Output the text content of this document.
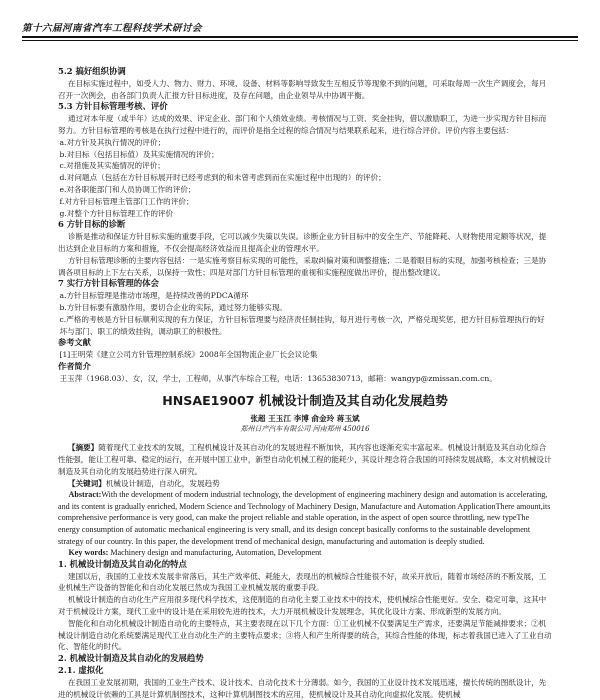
第十六届河南省汽车工程科技学术研讨会

5.2 搞好组织协调

在目标实施过程中，如受人力、物力、财力、环境、设备、材料等影响导致发生互相反节等现象不到的问题，可采取每周一次生产调度会，每月召开一次例会，由各部门负责人汇报方针目标进度，及存在问题，由企业领导从中协调平衡。

5.3 方针目标管理考核、评价

通过对本年度（或半年）达成的效果、评定企业、部门和个人绩效业绩。考核情况与工资、奖金挂钩，借以激励职工，为进一步实现方针目标而努力。方针目标管理的考核是在执行过程中进行的，而评价是指全过程的综合情况与结果联系起来，进行综合评价。评价内容主要包括：

a.对方针及其执行情况的评价；

b.对目标（包括目标值）及其实施情况的评价；

c.对措施及其实施情况的评价；

d.对问题点（包括在方针目标展开时已经考虑到的和未曾考虑到而在实施过程中出现的）的评价；

e.对各职能部门和人员协调工作的评价；

f.对方针目标管理主管部门工作的评价；

g.对整个方针目标管理工作的评价

6 方针目标的诊断

诊断是推动和保证方针目标实施的重要手段，它可以减少失策以失误。诊断企业方针目标中的安全生产、节能降耗、人财物使用定额等状况，提出达到企业目标的方案和措施，不仅会提高经济效益而且提高企业的管理水平。

方针目标管理诊断的主要内容包括：一是实施考察目标实现的可能性，采取纠偏对策和调整措施；二是着眼目标的实现，加强考核检查；三是协调各项目标的上下左右关系，以保持一致性；四是对部门方针目标管理的重视和实施程度做出评价，提出整改建议。

7 实行方针目标管理的体会

a.方针目标管理是推动市场理，是持续改善的PDCA循环

b.方针目标要有激励作用，要切合企业的实际，通过努力能够实现。

c.严格的考核是方针目标顺利实现的有力保证，方针目标管理要与经济责任制挂钩，每月进行考核一次，严格兑现奖惩，把方针目标管理执行的好坏与部门、职工的绩效挂钩，调动职工的积极性。

参考文献

[1]王明荣《建立公司方针管理控制系统》2008年全国物流企业厂长会议论集

作者简介

王玉萍（1968.03）、女，汉，学士，工程师，从事汽车综合工程，电话：13653830713，邮箱：wangyp@zmissan.com.cn。

HNSAE19007 机械设计制造及其自动化发展趋势

张超 王玉江 李博 俞金玲 蒋玉斌

郑州日产汽车有限公司 河南郑州 450016

【摘要】随着现代工业技术的发展，工程机械设计及其自动化的发展进程不断加快，其内容也逐渐充实丰富起来。机械设计制造及其自动化综合性能强，能让工程可靠、稳定的运行，在开展中国工业中，新型自动化机械工程的能耗少，其设计理念符合我国的可持续发展战略，本文对机械设计制造及其自动化的发展趋势进行深入研究。

【关键词】机械设计制造，自动化，发展趋势

Abstract:With the development of modern industrial technology, the development of engineering machinery design and automation is accelerating, and its content is gradually enriched, Modern Science and Technology of Machinery Design, Manufacture and Automation ApplicationThere amount,its comprehensive performance is very good, can make the project reliable and stable operation, in the aspect of open source throttling, new typeThe energy consumption of automatic mechanical engineering is very small, and its design concept basically conforms to the sustainable development strategy of our country. In this paper, the development trend of mechanical design, manufacturing and automation is deeply studied.

Key words: Machinery design and manufacturing, Automation, Development

1. 机械设计制造及其自动化的特点

建国以后，我国的工业技术发展非常落后，其生产效率低、耗能大，表现出的机械综合性能很不好，故采开放后，随着市场经济的不断发展，工业机械生产设备的智能化和自动化发展已然成为我国工业机械发展的重要手段。

机械设计制造的自动化生产应用很多现代科学技术，这使制造的自动化主要工业技术中的技术，使机械综合性能更好。安全、稳定可靠，这其中对于机械设计方案，现代工业中的设计是在采用较先进的技术，大力开展机械设计发展理念，其优化设计方案、形成新型的发展方向。

智能化和自动化机械设计制造自动化的主要特点，其主要表现在以下几个方面：①工业机械不仅要满足生产需求，还要满足节能减排要求；②机械设计制造自动化系统要满足现代工业自动化生产的主要特点要求；③将人和产生所得要的统合，其综合性能的体现，标志着我国已进入了工业自动化、智能化的时代。

2. 机械设计制造及其自动化的发展趋势

2.1. 虚拟化

在我国工业发展初期，我国的工业生产技术、设计技术、自动化技术十分薄弱。如今，我国的工业设计技术发展迅速，擅长传统的图纸设计，先进的机械设计依赖的工具是计算机制图技术，这种计算机制图技术的应用，使机械设计及其自动化向虚拟化发展。使机械
